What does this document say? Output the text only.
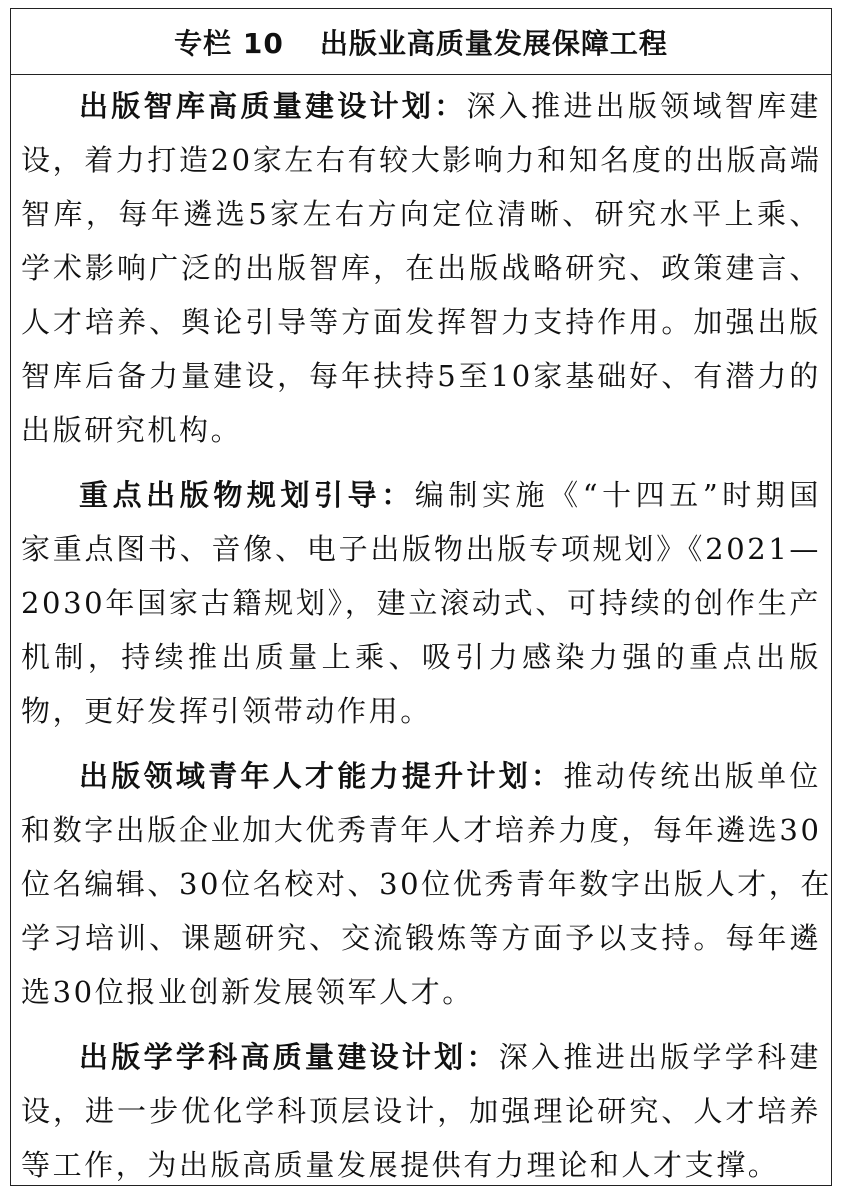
专栏 10 出版业高质量发展保障工程

出版智库高质量建设计划：深入推进出版领域智库建
设，着力打造20家左右有较大影响力和知名度的出版高端
智库，每年遴选5家左右方向定位清晰、研究水平上乘、
学术影响广泛的出版智库，在出版战略研究、政策建言、
人才培养、舆论引导等方面发挥智力支持作用。加强出版
智库后备力量建设，每年扶持5至10家基础好、有潜力的
出版研究机构。

重点出版物规划引导：编制实施《“十四五”时期国
家重点图书、音像、电子出版物出版专项规划》《2021—
2030年国家古籍规划》，建立滚动式、可持续的创作生产
机制，持续推出质量上乘、吸引力感染力强的重点出版
物，更好发挥引领带动作用。

出版领域青年人才能力提升计划：推动传统出版单位
和数字出版企业加大优秀青年人才培养力度，每年遴选30
位名编辑、30位名校对、30位优秀青年数字出版人才，在
学习培训、课题研究、交流锻炼等方面予以支持。每年遴
选30位报业创新发展领军人才。

出版学学科高质量建设计划：深入推进出版学学科建
设，进一步优化学科顶层设计，加强理论研究、人才培养
等工作，为出版高质量发展提供有力理论和人才支撑。
